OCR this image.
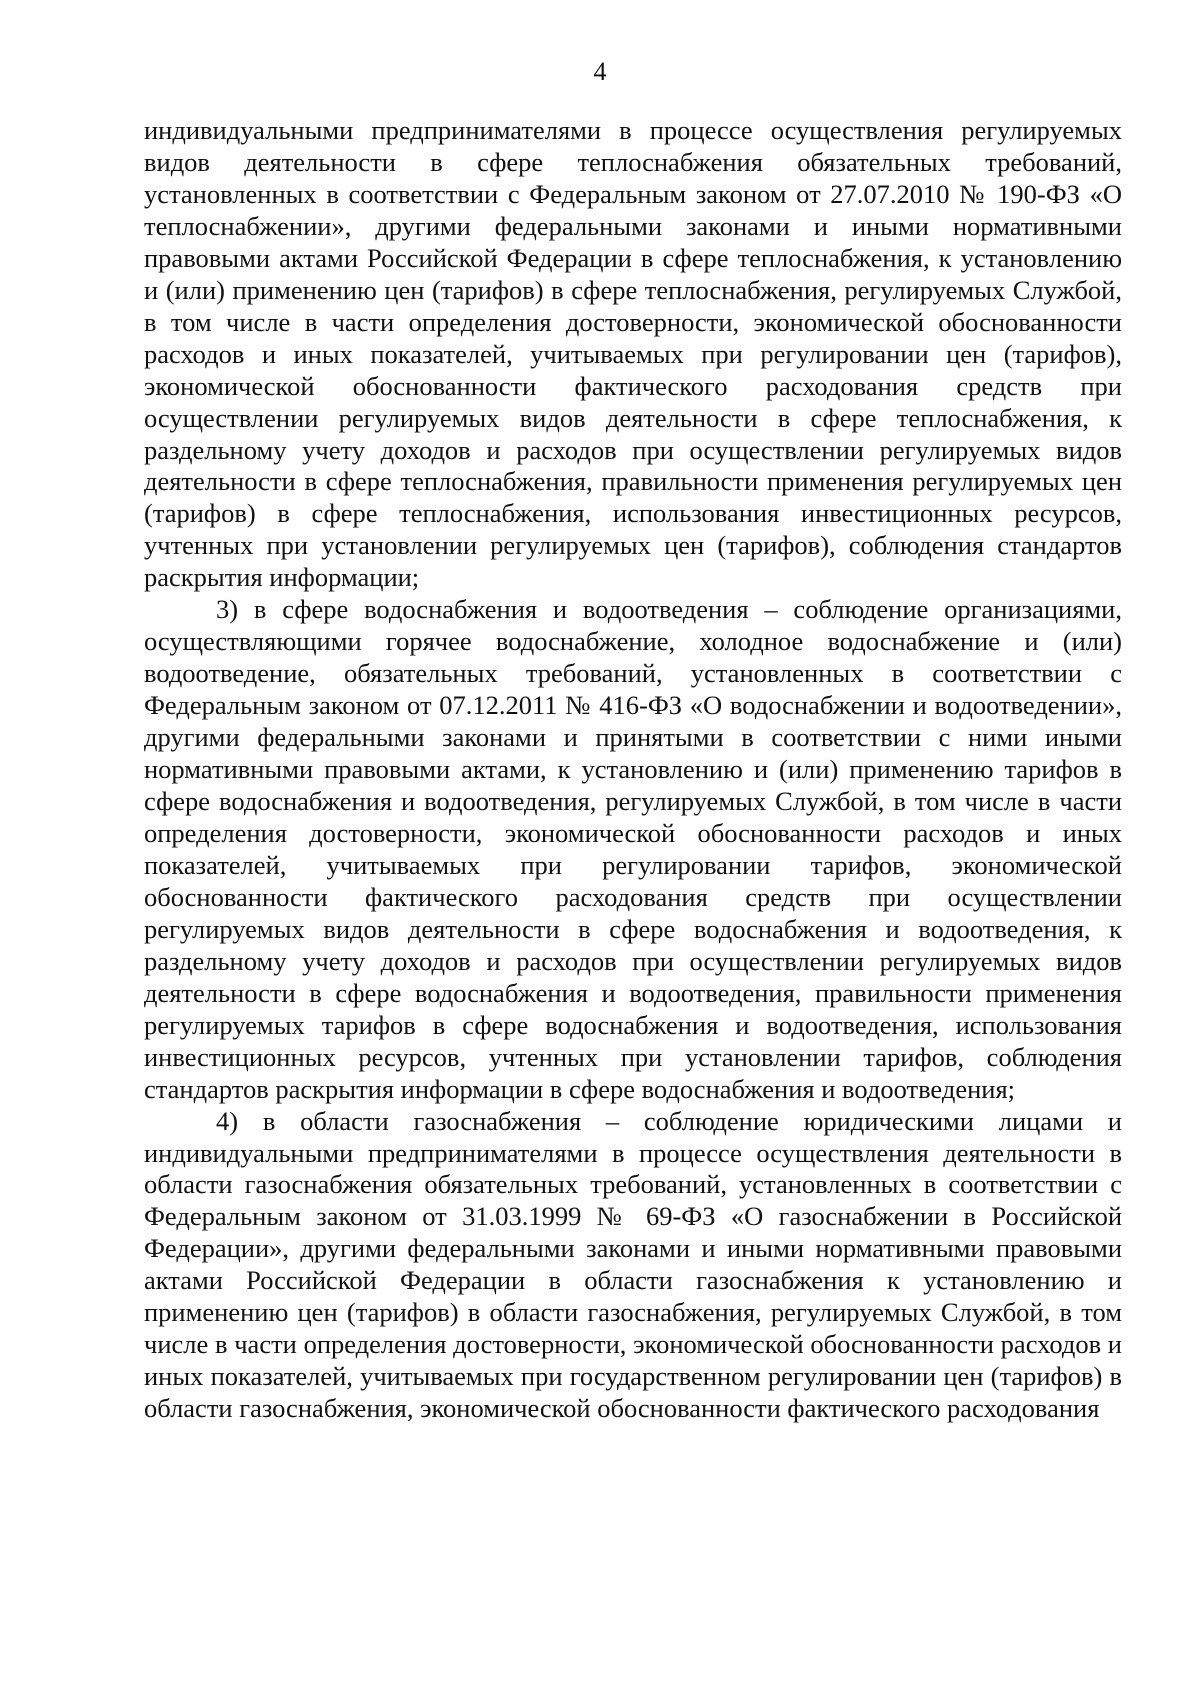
4

индивидуальными предпринимателями в процессе осуществления регулируемых видов деятельности в сфере теплоснабжения обязательных требований, установленных в соответствии с Федеральным законом от 27.07.2010 № 190-ФЗ «О теплоснабжении», другими федеральными законами и иными нормативными правовыми актами Российской Федерации в сфере теплоснабжения, к установлению и (или) применению цен (тарифов) в сфере теплоснабжения, регулируемых Службой, в том числе в части определения достоверности, экономической обоснованности расходов и иных показателей, учитываемых при регулировании цен (тарифов), экономической обоснованности фактического расходования средств при осуществлении регулируемых видов деятельности в сфере теплоснабжения, к раздельному учету доходов и расходов при осуществлении регулируемых видов деятельности в сфере теплоснабжения, правильности применения регулируемых цен (тарифов) в сфере теплоснабжения, использования инвестиционных ресурсов, учтенных при установлении регулируемых цен (тарифов), соблюдения стандартов раскрытия информации;

3) в сфере водоснабжения и водоотведения – соблюдение организациями, осуществляющими горячее водоснабжение, холодное водоснабжение и (или) водоотведение, обязательных требований, установленных в соответствии с Федеральным законом от 07.12.2011 № 416-ФЗ «О водоснабжении и водоотведении», другими федеральными законами и принятыми в соответствии с ними иными нормативными правовыми актами, к установлению и (или) применению тарифов в сфере водоснабжения и водоотведения, регулируемых Службой, в том числе в части определения достоверности, экономической обоснованности расходов и иных показателей, учитываемых при регулировании тарифов, экономической обоснованности фактического расходования средств при осуществлении регулируемых видов деятельности в сфере водоснабжения и водоотведения, к раздельному учету доходов и расходов при осуществлении регулируемых видов деятельности в сфере водоснабжения и водоотведения, правильности применения регулируемых тарифов в сфере водоснабжения и водоотведения, использования инвестиционных ресурсов, учтенных при установлении тарифов, соблюдения стандартов раскрытия информации в сфере водоснабжения и водоотведения;

4) в области газоснабжения – соблюдение юридическими лицами и индивидуальными предпринимателями в процессе осуществления деятельности в области газоснабжения обязательных требований, установленных в соответствии с Федеральным законом от 31.03.1999 № 69-ФЗ «О газоснабжении в Российской Федерации», другими федеральными законами и иными нормативными правовыми актами Российской Федерации в области газоснабжения к установлению и применению цен (тарифов) в области газоснабжения, регулируемых Службой, в том числе в части определения достоверности, экономической обоснованности расходов и иных показателей, учитываемых при государственном регулировании цен (тарифов) в области газоснабжения, экономической обоснованности фактического расходования
